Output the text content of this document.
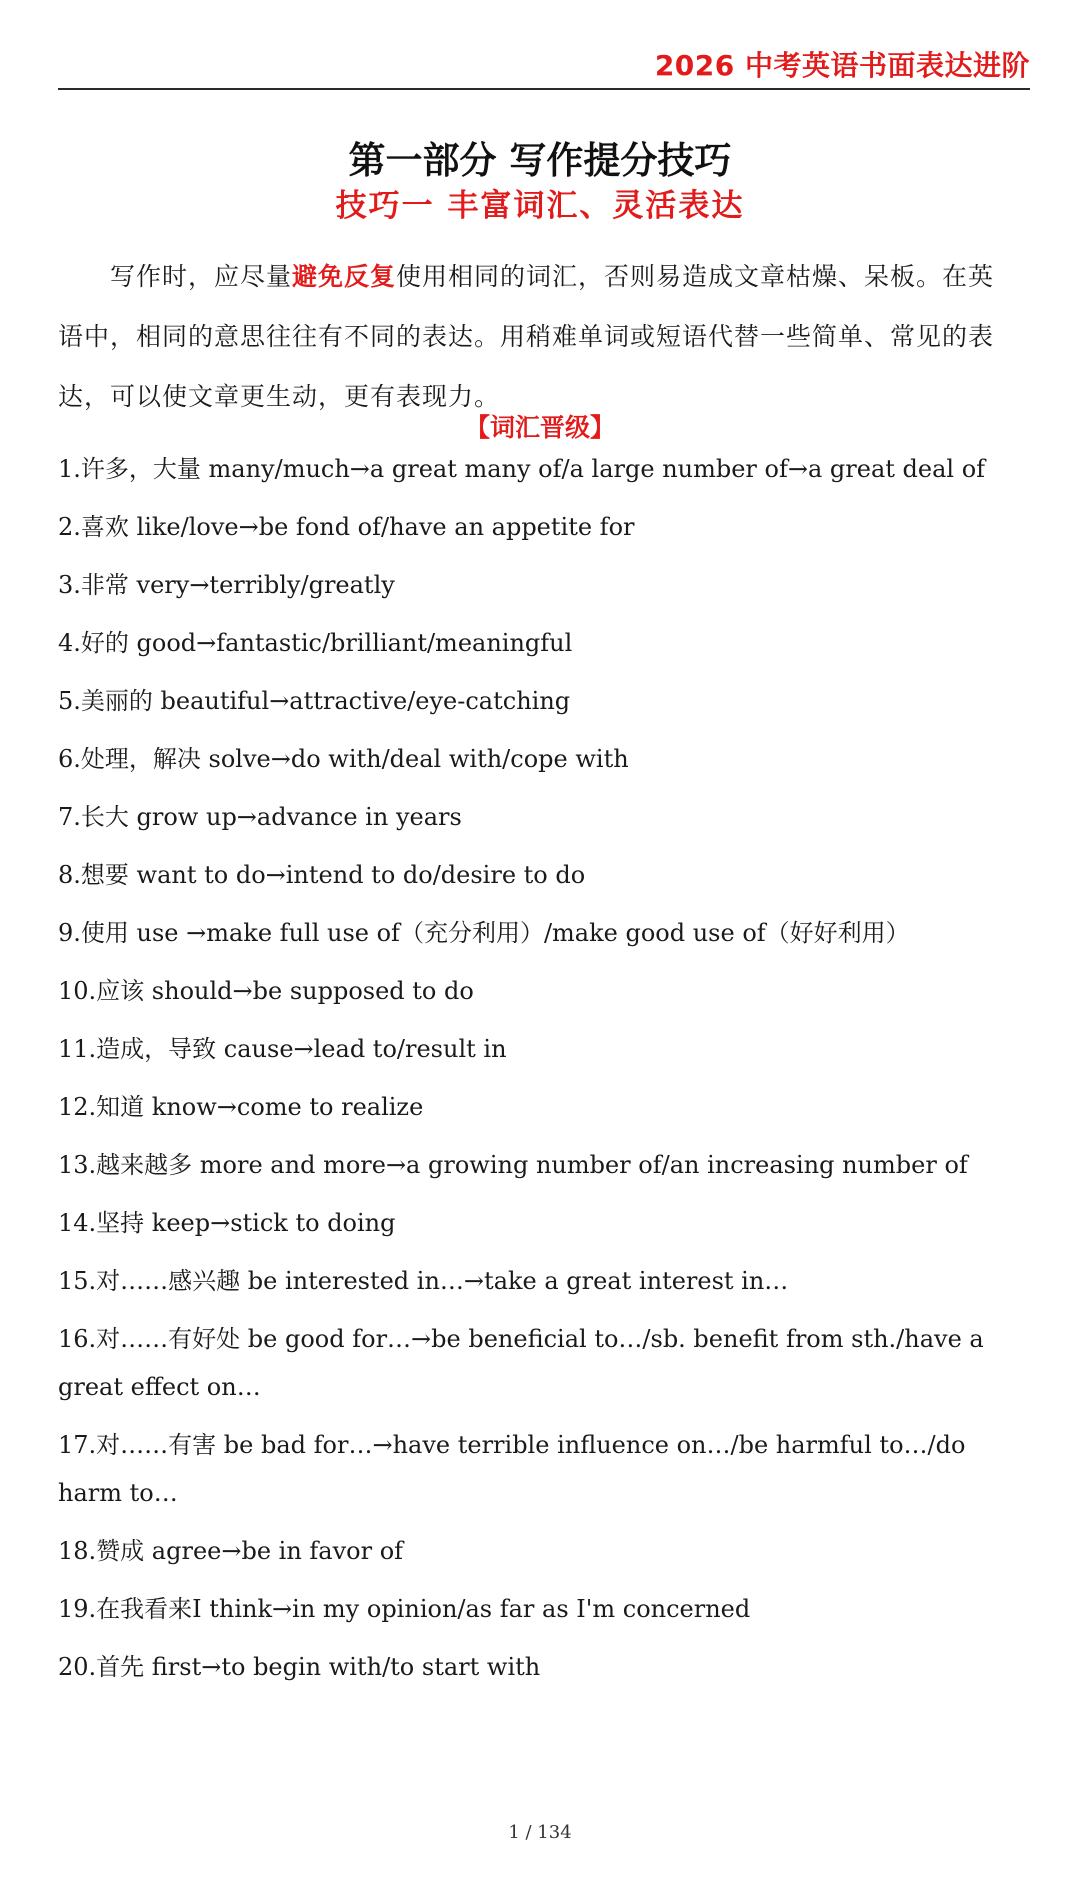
2026 中考英语书面表达进阶
第一部分 写作提分技巧
技巧一 丰富词汇、灵活表达

写作时，应尽量避免反复使用相同的词汇，否则易造成文章枯燥、呆板。在英语中，相同的意思往往有不同的表达。用稍难单词或短语代替一些简单、常见的表达，可以使文章更生动，更有表现力。

【词汇晋级】
1.许多，大量 many/much→a great many of/a large number of→a great deal of
2.喜欢 like/love→be fond of/have an appetite for
3.非常 very→terribly/greatly
4.好的 good→fantastic/brilliant/meaningful
5.美丽的 beautiful→attractive/eye-catching
6.处理，解决 solve→do with/deal with/cope with
7.长大 grow up→advance in years
8.想要 want to do→intend to do/desire to do
9.使用 use →make full use of（充分利用）/make good use of（好好利用）
10.应该 should→be supposed to do
11.造成，导致 cause→lead to/result in
12.知道 know→come to realize
13.越来越多 more and more→a growing number of/an increasing number of
14.坚持 keep→stick to doing
15.对……感兴趣 be interested in…→take a great interest in…
16.对……有好处 be good for…→be beneficial to…/sb. benefit from sth./have a great effect on…
17.对……有害 be bad for…→have terrible influence on…/be harmful to…/do harm to…
18.赞成 agree→be in favor of
19.在我看来I think→in my opinion/as far as I'm concerned
20.首先 first→to begin with/to start with
1 / 134
